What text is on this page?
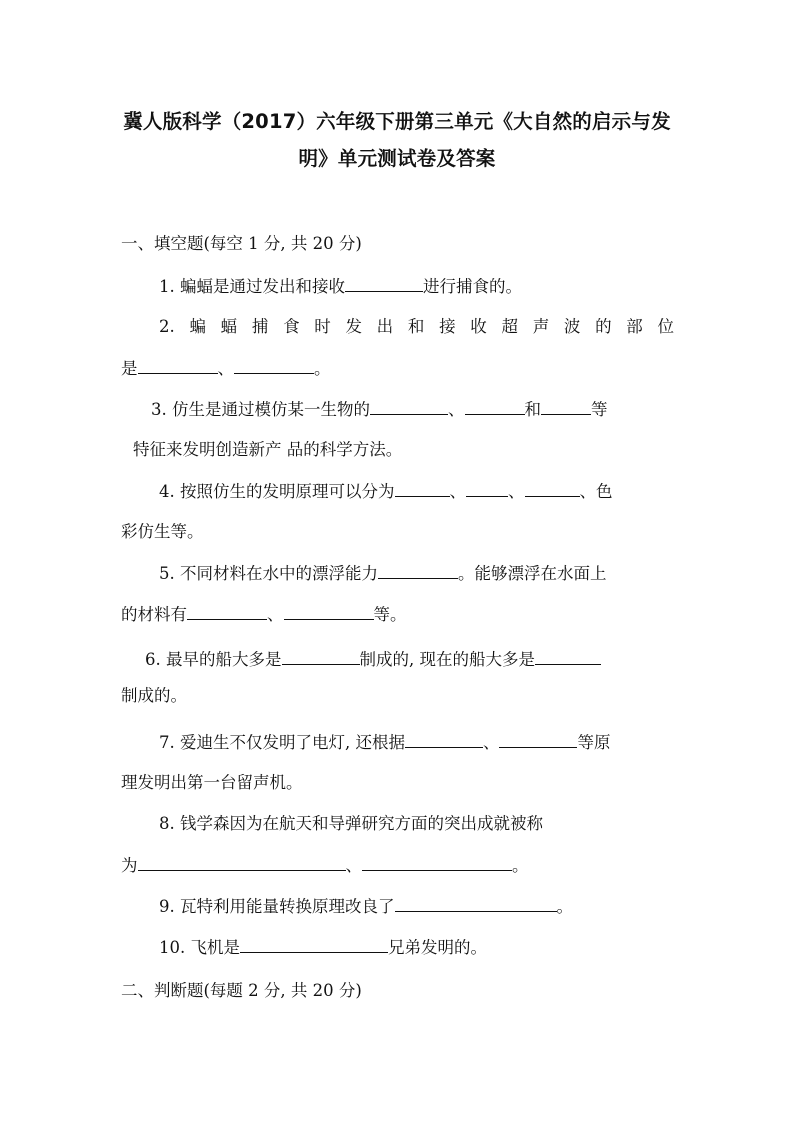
冀人版科学（2017）六年级下册第三单元《大自然的启示与发
明》单元测试卷及答案
一、填空题(每空 1 分, 共 20 分)
1. 蝙蝠是通过发出和接收	进行捕食的。
2. 蝙 蝠 捕 食 时 发 出 和 接 收 超 声 波 的 部 位
是	、	。
3. 仿生是通过模仿某一生物的	、	和	等
特征来发明创造新产 品的科学方法。
4. 按照仿生的发明原理可以分为	、	、	、色
彩仿生等。
5. 不同材料在水中的漂浮能力	。能够漂浮在水面上
的材料有	、	等。
6. 最早的船大多是	制成的, 现在的船大多是
制成的。
7. 爱迪生不仅发明了电灯, 还根据	、	等原
理发明出第一台留声机。
8. 钱学森因为在航天和导弹研究方面的突出成就被称
为	、	。
9. 瓦特利用能量转换原理改良了	。
10. 飞机是	兄弟发明的。
二、判断题(每题 2 分, 共 20 分)
